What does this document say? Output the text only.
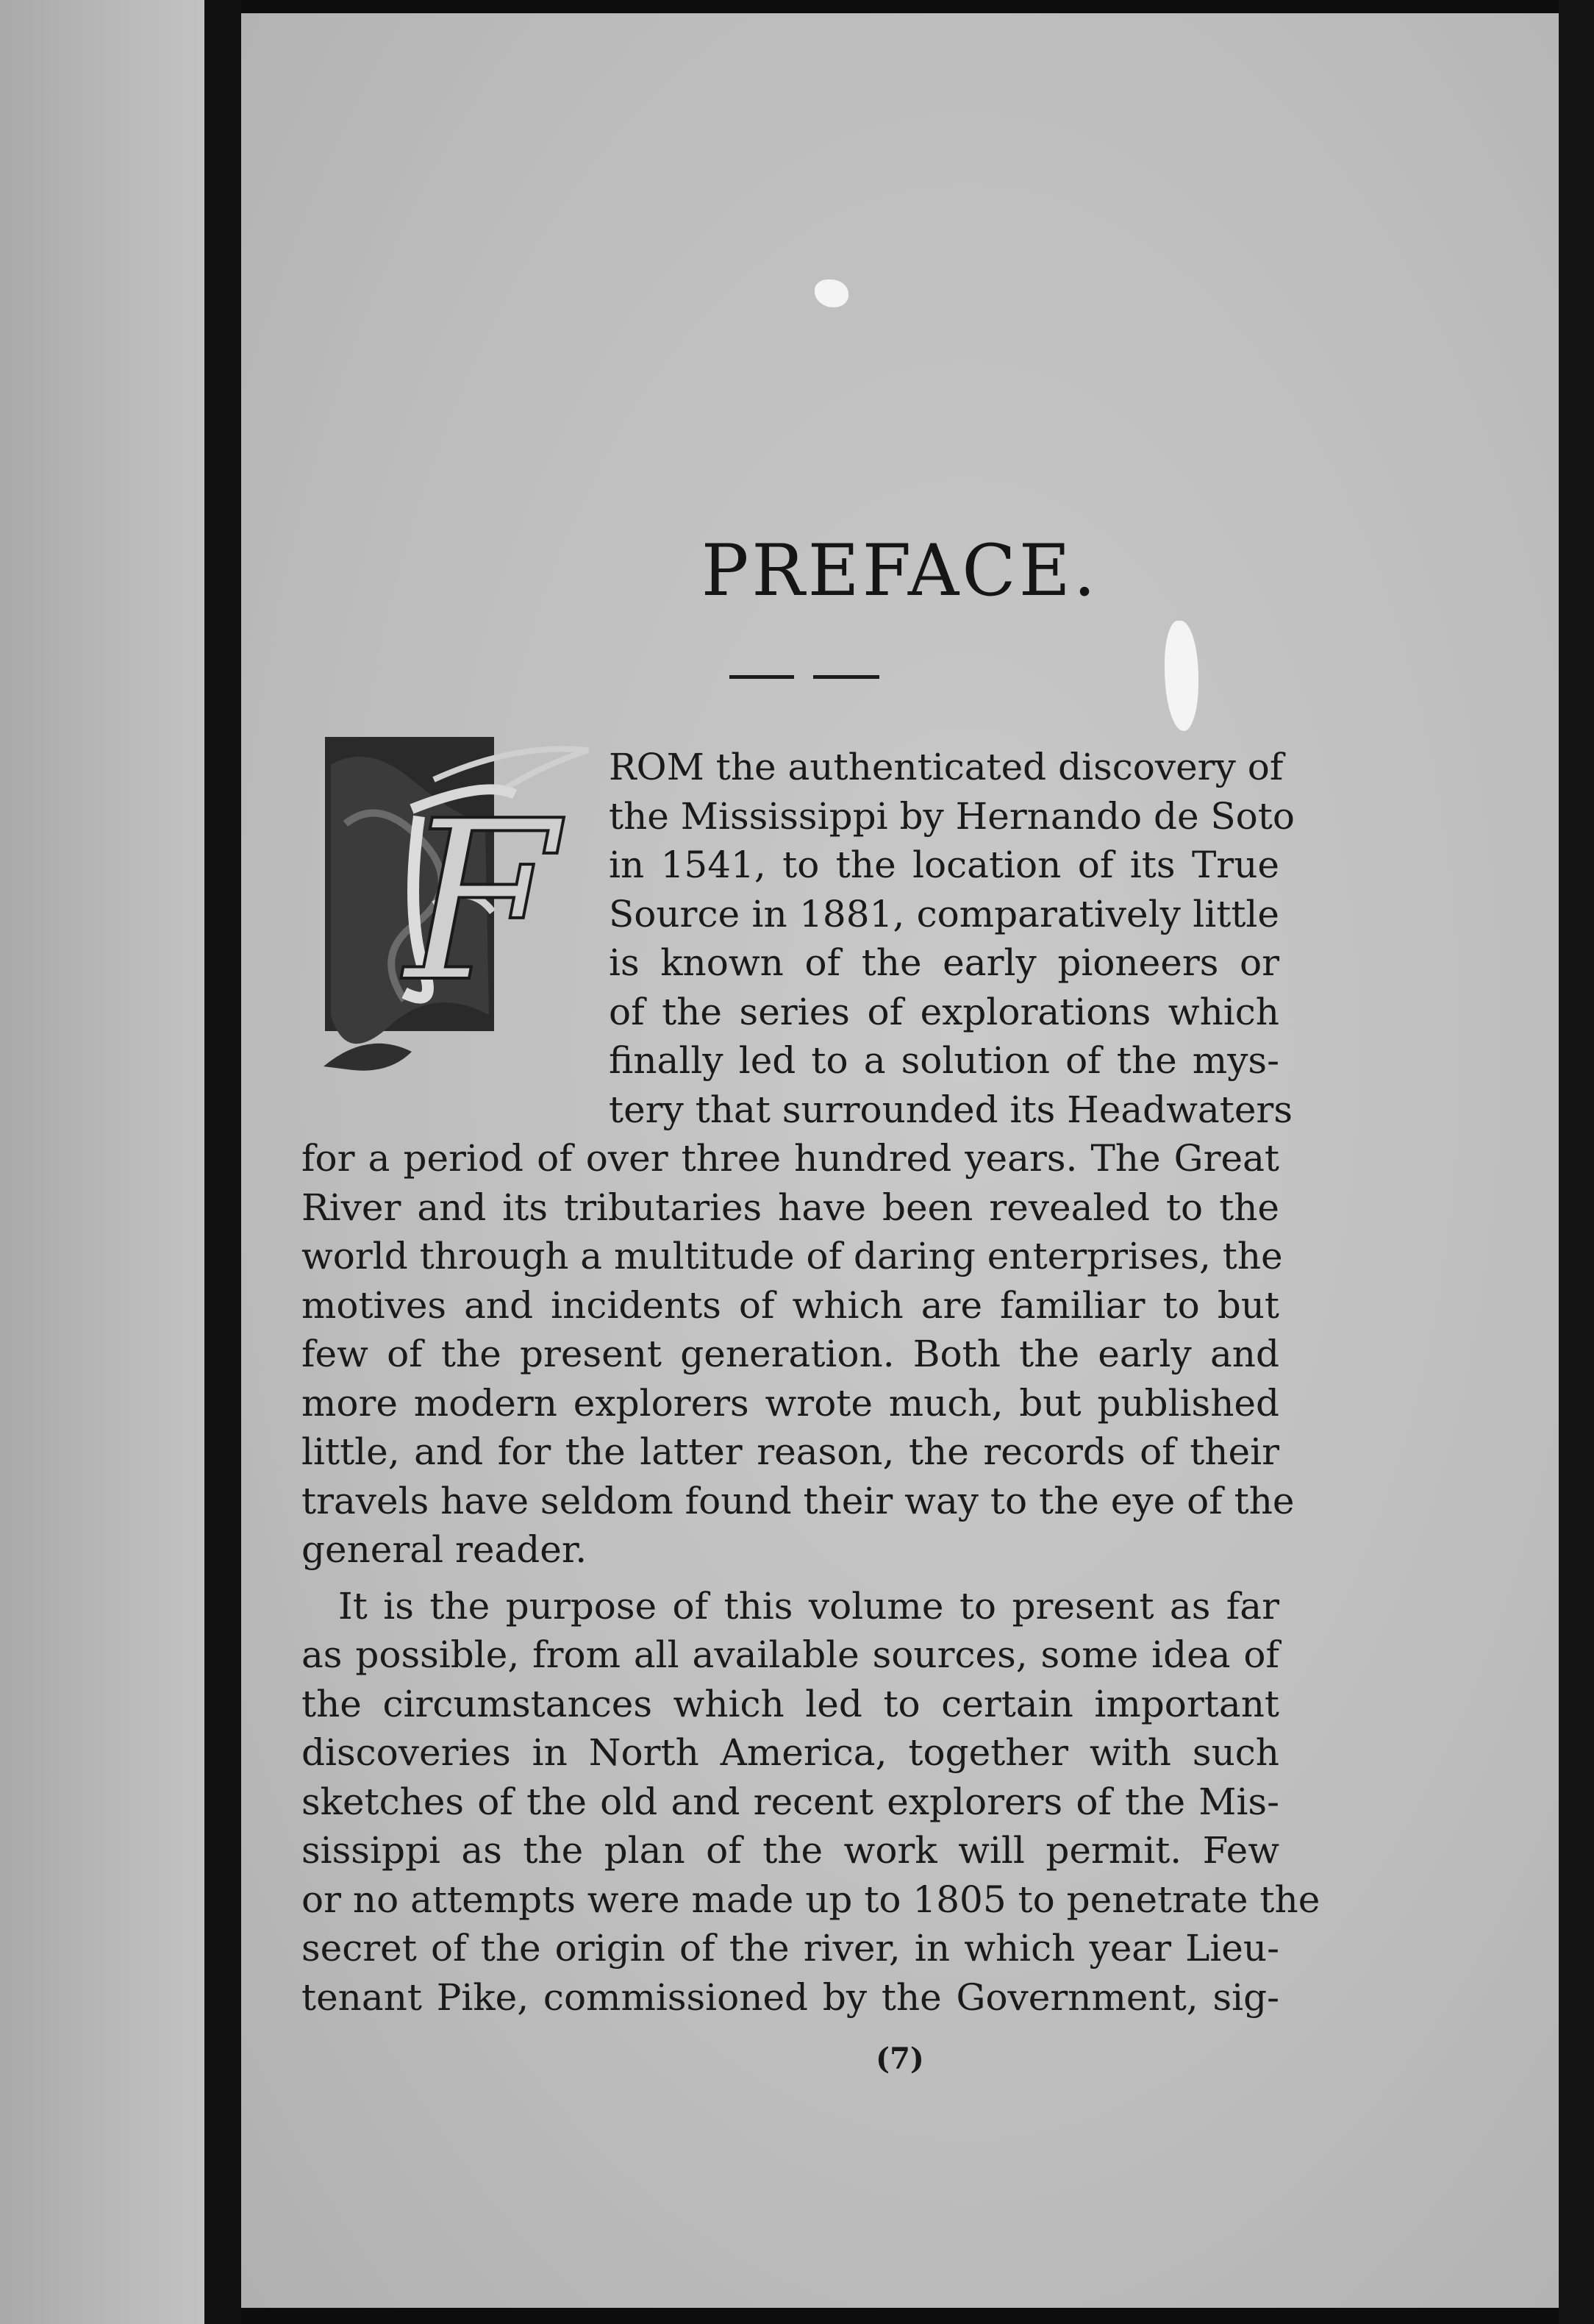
PREFACE.
F
ROM the authenticated discovery of
the Mississippi by Hernando de Soto
in 1541, to the location of its True
Source in 1881, comparatively little
is known of the early pioneers or
of the series of explorations which
finally led to a solution of the mys-
tery that surrounded its Headwaters
for a period of over three hundred years. The Great
River and its tributaries have been revealed to the
world through a multitude of daring enterprises, the
motives and incidents of which are familiar to but
few of the present generation. Both the early and
more modern explorers wrote much, but published
little, and for the latter reason, the records of their
travels have seldom found their way to the eye of the
general reader.
It is the purpose of this volume to present as far
as possible, from all available sources, some idea of
the circumstances which led to certain important
discoveries in North America, together with such
sketches of the old and recent explorers of the Mis-
sissippi as the plan of the work will permit. Few
or no attempts were made up to 1805 to penetrate the
secret of the origin of the river, in which year Lieu-
tenant Pike, commissioned by the Government, sig-
(7)
